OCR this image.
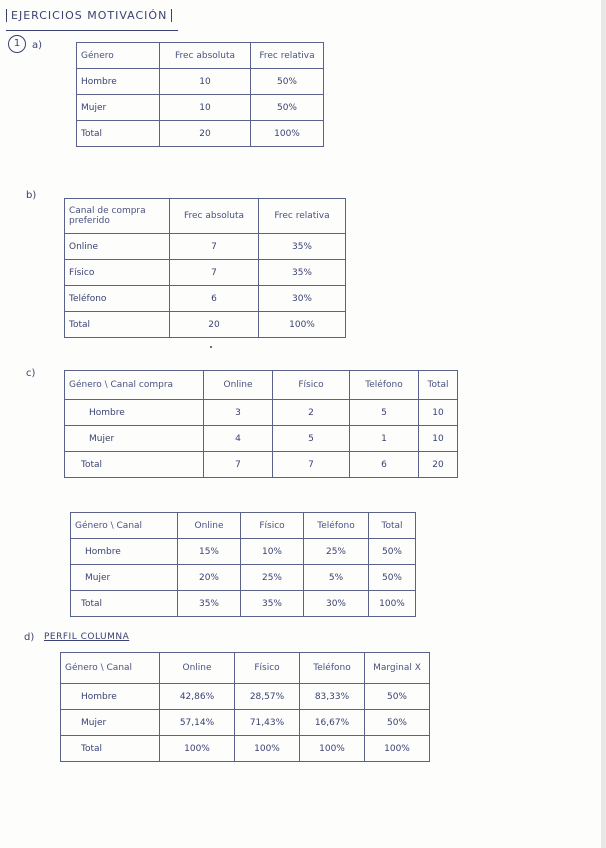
EJERCICIOS MOTIVACIÓN
1	a)
Género	Frec absoluta	Frec relativa
Hombre	10	50%
Mujer	10	50%
Total	20	100%
b)
Canal de compra preferido	Frec absoluta	Frec relativa
Online	7	35%
Físico	7	35%
Teléfono	6	30%
Total	20	100%
c)
Género \ Canal compra	Online	Físico	Teléfono	Total
Hombre	3	2	5	10
Mujer	4	5	1	10
Total	7	7	6	20
Género \ Canal	Online	Físico	Teléfono	Total
Hombre	15%	10%	25%	50%
Mujer	20%	25%	5%	50%
Total	35%	35%	30%	100%
d) PERFIL COLUMNA
Género \ Canal	Online	Físico	Teléfono	Marginal X
Hombre	42,86%	28,57%	83,33%	50%
Mujer	57,14%	71,43%	16,67%	50%
Total	100%	100%	100%	100%
